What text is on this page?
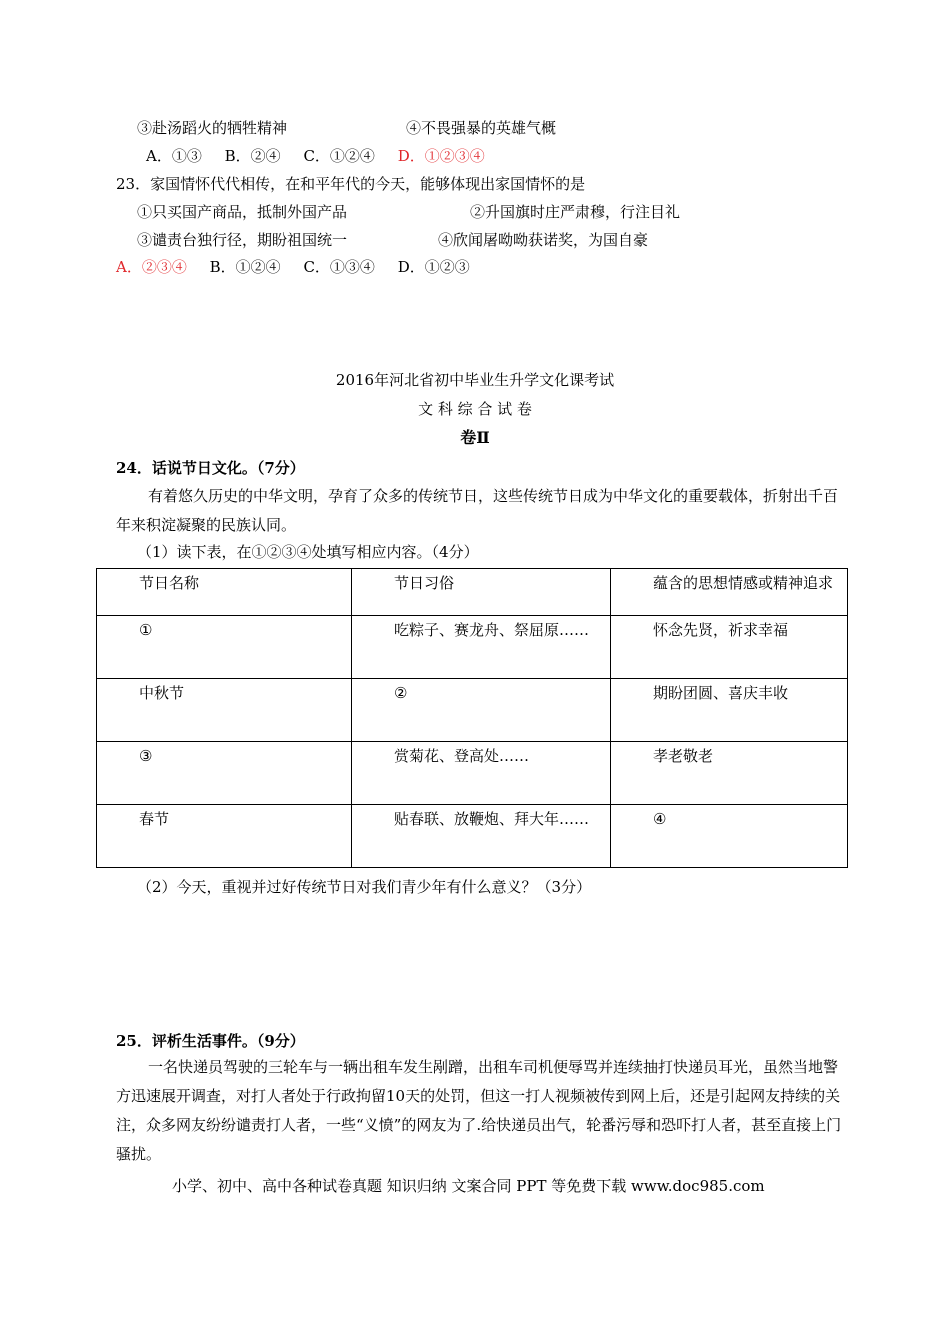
③赴汤蹈火的牺牲精神	④不畏强暴的英雄气概
A．①③ B．②④ C．①②④ D．①②③④
23．家国情怀代代相传，在和平年代的今天，能够体现出家国情怀的是
①只买国产商品，抵制外国产品	②升国旗时庄严肃穆，行注目礼
③谴责台独行径，期盼祖国统一	④欣闻屠呦呦获诺奖，为国自豪
A．②③④ B．①②④ C．①③④ D．①②③
2016年河北省初中毕业生升学文化课考试
文 科 综 合 试 卷
卷Ⅱ
24．话说节日文化。（7分）
有着悠久历史的中华文明，孕育了众多的传统节日，这些传统节日成为中华文化的重要载体，折射出千百年来积淀凝聚的民族认同。
（1）读下表，在①②③④处填写相应内容。（4分）
节日名称	节日习俗	蕴含的思想情感或精神追求
①	吃粽子、赛龙舟、祭屈原……	怀念先贤，祈求幸福
中秋节	②	期盼团圆、喜庆丰收
③	赏菊花、登高处……	孝老敬老
春节	贴春联、放鞭炮、拜大年……	④
（2）今天，重视并过好传统节日对我们青少年有什么意义？（3分）
25．评析生活事件。（9分）
一名快递员驾驶的三轮车与一辆出租车发生剐蹭，出租车司机便辱骂并连续抽打快递员耳光，虽然当地警方迅速展开调查，对打人者处于行政拘留10天的处罚，但这一打人视频被传到网上后，还是引起网友持续的关注，众多网友纷纷谴责打人者，一些“义愤”的网友为了.给快递员出气，轮番污辱和恐吓打人者，甚至直接上门骚扰。
小学、初中、高中各种试卷真题 知识归纳 文案合同 PPT 等免费下载 www.doc985.com
